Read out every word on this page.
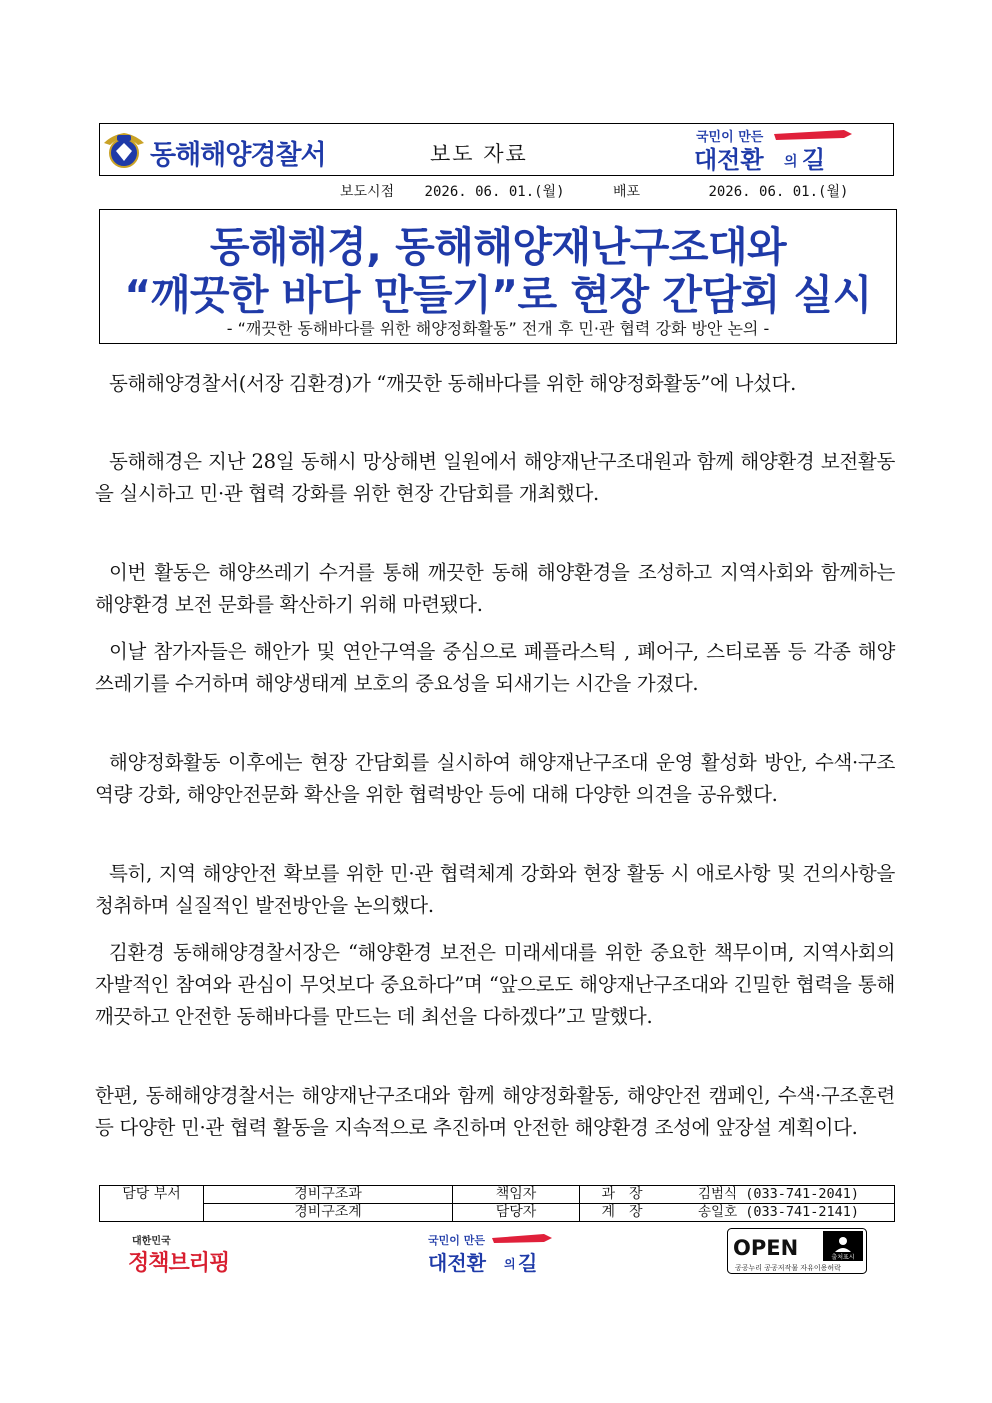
동해해양경찰서	보도 자료
국민이 만든
대전환 의 길
보도시점 2026. 06. 01.(월)	배포	2026. 06. 01.(월)
동해해경, 동해해양재난구조대와
“깨끗한 바다 만들기”로 현장 간담회 실시
- “깨끗한 동해바다를 위한 해양정화활동” 전개 후 민·관 협력 강화 방안 논의 -
동해해양경찰서(서장 김환경)가 “깨끗한 동해바다를 위한 해양정화활동”에 나섰다.
동해해경은 지난 28일 동해시 망상해변 일원에서 해양재난구조대원과 함께 해양환경 보전활동을 실시하고 민·관 협력 강화를 위한 현장 간담회를 개최했다.
이번 활동은 해양쓰레기 수거를 통해 깨끗한 동해 해양환경을 조성하고 지역사회와 함께하는 해양환경 보전 문화를 확산하기 위해 마련됐다.
이날 참가자들은 해안가 및 연안구역을 중심으로 폐플라스틱 , 폐어구, 스티로폼 등 각종 해양쓰레기를 수거하며 해양생태계 보호의 중요성을 되새기는 시간을 가졌다.
해양정화활동 이후에는 현장 간담회를 실시하여 해양재난구조대 운영 활성화 방안, 수색·구조 역량 강화, 해양안전문화 확산을 위한 협력방안 등에 대해 다양한 의견을 공유했다.
특히, 지역 해양안전 확보를 위한 민·관 협력체계 강화와 현장 활동 시 애로사항 및 건의사항을 청취하며 실질적인 발전방안을 논의했다.
김환경 동해해양경찰서장은 “해양환경 보전은 미래세대를 위한 중요한 책무이며, 지역사회의 자발적인 참여와 관심이 무엇보다 중요하다”며 “앞으로도 해양재난구조대와 긴밀한 협력을 통해 깨끗하고 안전한 동해바다를 만드는 데 최선을 다하겠다”고 말했다.
한편, 동해해양경찰서는 해양재난구조대와 함께 해양정화활동, 해양안전 캠페인, 수색·구조훈련 등 다양한 민·관 협력 활동을 지속적으로 추진하며 안전한 해양환경 조성에 앞장설 계획이다.
담당 부서	경비구조과	책임자	과장	김범식 (033-741-2041)
	경비구조계	담당자	계장	송일호 (033-741-2141)
대한민국
정책브리핑
국민이 만든
대전환 의 길
OPEN	출처표시
공공누리 공공저작물 자유이용허락
